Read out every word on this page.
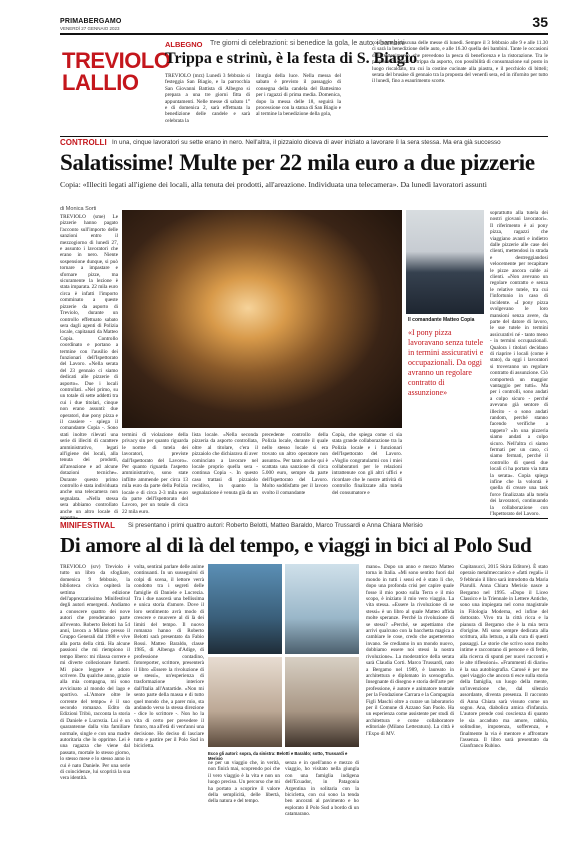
PRIMABERGAMO
VENERDÌ 27 GENNAIO 2023	35
TREVIOLO
LALLIO
ALBEGNO Tre giorni di celebrazioni: si benedice la gola, le auto, i bambini
Trippa e strinù, è la festa di S. Biagio
TREVIOLO (mrz) Lunedì 3 febbraio si festeggia San Biagio, e la parrocchia San Giovanni Battista di Albegno si prepara a una tre giorni fitta di appuntamenti. Nelle messe di sabato 1° e di domenica 2, sarà effettuata la benedizione delle candele e sarà celebrata la
liturgia della luce. Nella messa del sabato è previsto il passaggio di consegna della candela del Battesimo per i ragazzi di prima media. Domenica, dopo la messa delle 18, seguirà la processione con la statua di San Biagio e al termine la benedizione della gola,
così come a ciascuna delle messe di lunedì. Sempre il 3 febbraio alle 9 e alle 11.30 ci sarà la benedizione delle auto, e alle 16.30 quella dei bambini. Tante le occasioni di intrattenimento, che prevedono la pesca di beneficenza e la ristorazione. Tra le proposte culinarie la trippa da asporto, con possibilità di consumazione sul posto in luogo riscaldato, tra cui la costine cucinate alla piastra, e il pecchiolo di bitteli; serata del brusàse di gennaio tra la proposta del venerdì sera, ed in rifornito per tutto il lunedì, fino a esaurimento scorte.
CONTROLLI In una, cinque lavoratori su sette erano in nero. Nell'altra, il pizzaiolo diceva di aver iniziato a lavorare lì la sera stessa. Ma era già successo
Salatissime! Multe per 22 mila euro a due pizzerie
Copia: «Illeciti legati all'igiene dei locali, alla tenuta dei prodotti, all'areazione. Individuata una telecamera». Da lunedì lavoratori assunti
di Monica Sorti
TREVIOLO (sme) Le pizzerie hanno pagato l'acconto sull'importo delle sanzioni entro il mezzogiorno di lunedì 27, e assunto i lavoratori che erano in nero. Niente sospensione dunque, si può tornare a impastare e sfornare pizze, ma sicuramente la lezione è stata imparata. 22 mila euro circa è infatti l'importo comminato a queste pizzerie da asporto di Treviolo, durante un controllo effettuato sabato sera dagli agenti di Polizia locale, capitanati da Matteo Copia. Controllo coordinato e portano a termine con l'ausilio dei funzionari dell'Ispettorato del Lavoro. «Nella serata del 23 gennaio ci siamo dedicati alle pizzerie di asporto». Due i locali controllati. «Nel primo, su un totale di sette addetti tra cui i due titolari, cinque non erano assunti: due operatori, due pony pizza e il cassiere - spiega il comandante Copia -. Sono stati inoltre rilevati una serie di illeciti di carattere amministrativo, legati all'igiene dei locali, alla tenuta dei prodotti, all'areazione e ad alcune dotazioni tecniche». Durante questo primo controllo è stata individuata anche una telecamera non segnalata. «Nella stessa sera abbiamo controllato anche un altro locale di
Il comandante Matteo Copia
«I pony pizza lavoravano senza tutele in termini assicurativi e occupazionali. Da oggi avranno un regolare contratto di assunzione»
termini di violazione della privacy sin per quanto riguarda le norme di tutela dei lavoratori, previste dall'Ispettorato del Lavoro». Per quanto riguarda l'aspetto amministrativo, sono state inflitte ammende per circa 13 mila euro da parte della Polizia locale e di circa 2-3 mila euro da parte dell'Ispettorato del Lavoro, per un totale di circa 22 mila euro.
lista locale. «Nella seconda pizzeria da asporto controllata, oltre al titolare, c'era il pizzaiolo che dichiarava di aver cominciato a lavorare nel locale proprio quella sera - continua Copia -. In questo caso trattasi di pizzaiolo recidivo, in quanto la segnalazione è venuta già da un
precedente controllo della Polizia locale, durante il quale nello stesso locale si era trovato un altro operatore non assunto». Per tanto anche qui è scattata una sanzione di circa 5.000 euro, sempre da parte dell'Ispettorato del Lavoro. Molto soddisfatto per il lavoro svolto il comandante
Copia, che spiega come ci sia stata grande collaborazione tra la Polizia locale e i funzionari dell'Ispettorato del Lavoro. «Voglio congratularmi con i miei collaboratori per le relazioni intrattenute con gli altri uffici e ricordare che le nostre attività di controllo finalizzate alla tutela del consumatore e
soprattutto alla tutela dei nostri giovani lavoratori». Il riferimento è ai pony pizza, ragazzi che viaggiano avanti e indietro dalle pizzerie alle case dei clienti, mettendosi in strada e destreggiandosi velocemente per recapitare le pizze ancora calde ai clienti. «Non avevano un regolare contratto e senza le relative tutele, tra cui l'infortunio in caso di incidente. «I pony pizza svolgevano le loro mansioni senza avere, da parte del datore di lavoro, le sue tutele in termini assicurativi né - tanto meno - in termini occupazionali. Qualora i titolari decidano di riaprire i locali (come è stato), da oggi i lavoratori si troveranno un regolare contratto di assunzione. Ciò comporterà un maggior vantaggio per tutti». Ma per i controlli, sono andati a colpo sicuro - perché avevano già sentore di illecito - o sono andati random, perché stanno facendo verifiche a tappeto? «In una pizzeria siamo andati a colpo sicuro. Nell'altra ci siamo fermati per un caso, ci siamo fermati, perché il controllo di questi due locali ci ha portato via tutta la serata». Copia spiega infine che la volontà è quella di creare una task force finalizzata alla tutela dei lavoratori, continuando la collaborazione con l'Ispettorato del Lavoro.
MINIFESTIVAL Si presentano i primi quattro autori: Roberto Belotti, Matteo Baraldo, Marco Trussardi e Anna Chiara Merisio
Di amore al di là del tempo, e viaggi in bici al Polo Sud
TREVIOLO (srv) Treviolo è tutto un libro da sfogliare, domenica 9 febbraio, la biblioteca civica ospiterà la settima edizione dell'apprezzatissimo Minifestival degli autori emergenti. Andiamo a conoscere quattro dei nove autori che prenderanno parte all'evento. Roberto Belotti ha 54 anni, lavora a Milano presso il Gruppo Generali dal 1988 e vive alla porta della città. Ha alcune passioni che mi riempiono il tempo libero: mi rilassa correre e mi diverte collezionare fumetti. Mi piace leggere e adoro scrivere. Da qualche anno, grazie alla mia compagna, mi sono avvicinato al mondo del lago e sportivo. «L'Amore oltre le corrente del tempo» è il suo secondo romanzo. Edito da Edizioni Tribù, racconta la storia di Daniele e Lucrezia. Lui è un quarantenne dalla vita familiare normale, single e con una madre autoritaria che lo opprime. Lei è una ragazza che viene dal passato, mortale lo stesso giorno, lo stesso mese e lo stesso anno in cui è nato Daniele. Per una serie di coincidenze, lui scoprirà la sua vera identità.
volta, sentirai parlare delle anime continuanti. In un susseguirsi di colpi di scena, il lettore verrà condotto tra i segreti delle famiglie di Daniele e Lucrezia. Tra i due nascerà una bellissima e unica storia d'amore. Dove il loro sentimento avrà modo di crescere e muovere al di là dei limiti del tempo. Il nuovo romanzo hanno di Roberto Belotti sarà presentato da Fabio Rossi. Matteo Baraldo, classe 1985, di Albenga d'Adige, di professione contadino, fotoreporter, scrittore, presenterà il libro «Essere la rivoluzione di se stessi», un'esperienza di trasformazione interiore dall'Italia all'Antartide. «Non mi sento parte della massa e di tutto quel mondo che, a parer mio, sta andando verso la stessa direzione - dice lo scrittore -. Non ho la vita di certo per prevedere il futuro, ma all'età di vent'anni una decisione. Ho deciso di lasciare tutto e partire per il Polo Sud in bicicletta.
Ecco gli autori: sopra, da sinistra: Belotti e Baraldo; sotto, Trussardi e Merisio
ne per un viaggio che, in verità, non finirà mai, scoprendo poi che il vero viaggio è la vita e non un luogo preciso. Un percorso che mi ha portato a scoprire il valore della semplicità, delle libertà, della natura e del tempo.
senza e in quell'anno e mezzo di viaggio, ho visitato nella giungla con una famiglia indigena dell'Ecuador, in Patagonia Argentina in solitaria con la bicicletta, con cui sono la tenda ben ancorati al pavimento e ho esplorato il Polo Sud a bordo di un catamarano.
mano». Dopo un anno e mezzo Matteo torna in Italia. «Mi sono sentito fuori dal mondo in tutti i sensi ed è stato lì che, dopo una profonda crisi per capire quale fosse il mio posto sulla Terra e il mio scopo, è iniziato il mio vero viaggio. La vita stessa. «Essere la rivoluzione di se stessi» è un libro al quale Matteo affida molte speranze. Perché la rivoluzione di se stessi? «Perché, se aspettiamo che arrivi qualcuno con la bacchetta magica a cambiare le cose, credo che aspetteremo invano. Se crediamo in un mondo nuovo, dobbiamo essere noi stessi la nostra rivoluzione». La moderatrice della serata sarà Claudia Corti. Marco Trussardi, nato a Bergamo nel 1989, è laureato in architettura e diplomato in scenografia. Insegnante di disegno e storia dell'arte per professione, è autore e animatore teatrale per la Fondazione Carrara e la Compagnia Figli Maschi oltre a curare un laboratorio per il Comune di Azzano San Paolo. Ha un esperienza come assistente per studi di architettura e come collaboratore editoriale (Milano Letteratura). La città è l'Expo di MV.
Capitanucci, 2015 Skira Editore). È stato operaio metalmeccanico e «fatti regali» il 9 febbraio il libro sarà introdotto da Maria Piarulli. Anna Chiara Merisio nasce a Bergamo nel 1995. «Dopo il Liceo Classico e la Triennale in Lettere Antiche, sono una impiegata nel corso magistrale in Filologia Moderna, ed infine del dottorato. Vivo tra la città ricca e la pianura di Bergamo che è la mia terra d'origine. Mi sono sempre dedicata alla scrittura, alla lettura, a alla cura di questi passaggi. Le storie che scrivo sono molto intime e raccontano di persone e di ferite, alla ricerca di spunti per nuovi racconti e le alte riflessioni». «Frammenti di diario» è la sua autobiografia. Carosé è per me quel viaggio che ancora ti esce sulla storia della famiglia, un luogo della mente, un'invenzione che, dal silenzio assordante, diventa presenza. Il racconto di Anna Chiara sarà vissuto come un sogno. Ana, diabolica amica d'infanzia. L'autore prende così coscienza di quanto le sia accaduto ma amore, rabbia, solitudine, impotenza, sofferenza, e finalmente la via è mentore e affrontare l'assenza. Il libro sarà presentato da Gianfranco Rubino.
